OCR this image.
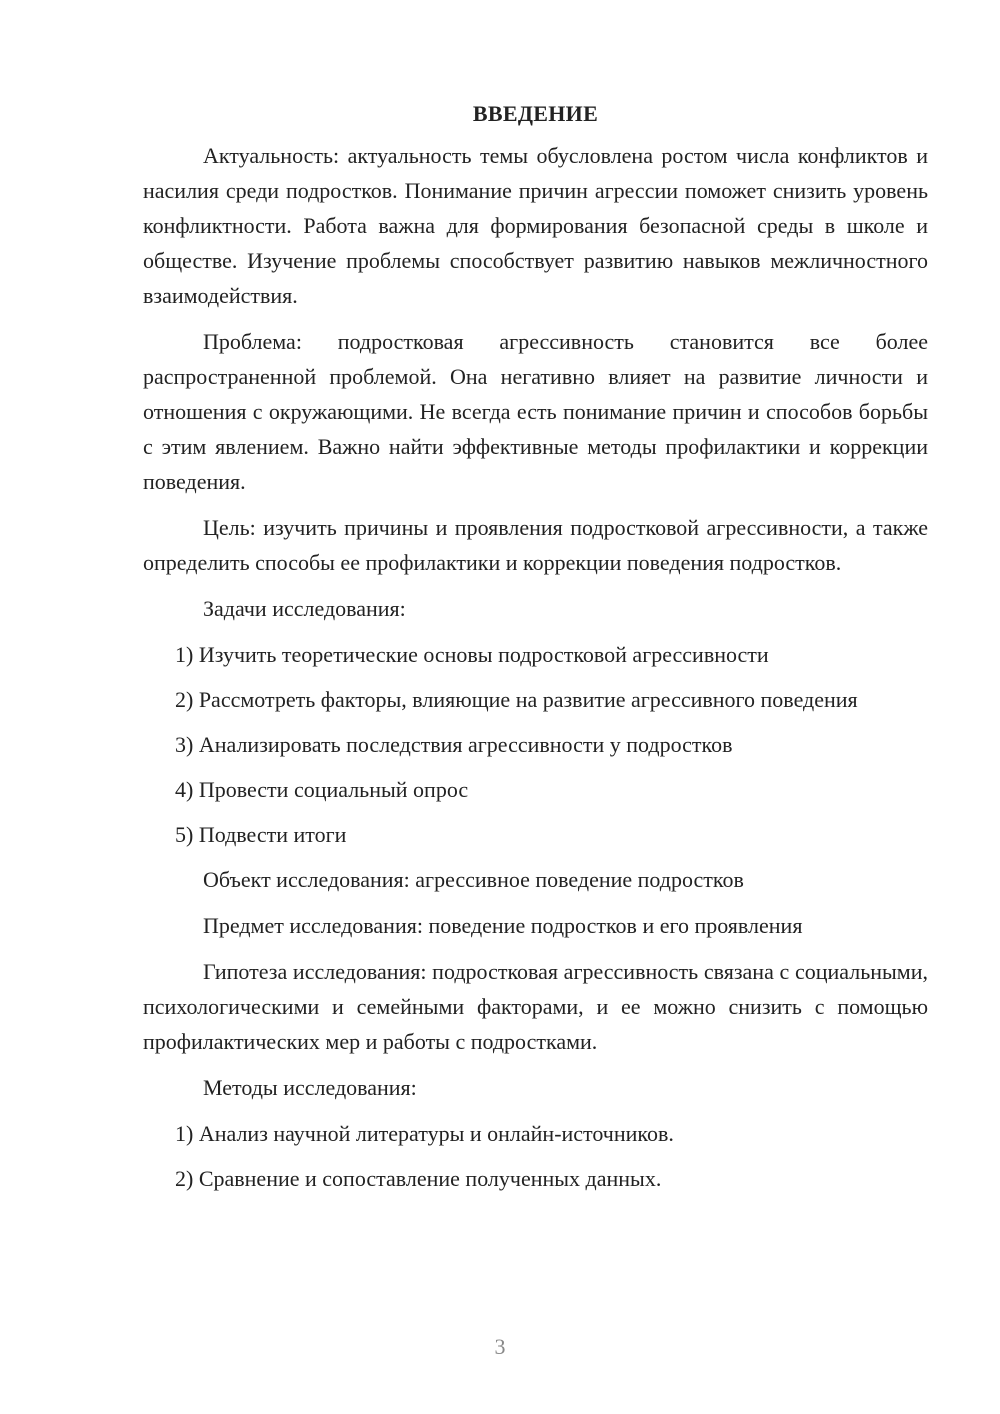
ВВЕДЕНИЕ

Актуальность: актуальность темы обусловлена ростом числа конфликтов и насилия среди подростков. Понимание причин агрессии поможет снизить уровень конфликтности. Работа важна для формирования безопасной среды в школе и обществе. Изучение проблемы способствует развитию навыков межличностного взаимодействия.

Проблема: подростковая агрессивность становится все более распространенной проблемой. Она негативно влияет на развитие личности и отношения с окружающими. Не всегда есть понимание причин и способов борьбы с этим явлением. Важно найти эффективные методы профилактики и коррекции поведения.

Цель: изучить причины и проявления подростковой агрессивности, а также определить способы ее профилактики и коррекции поведения подростков.

Задачи исследования:

1) Изучить теоретические основы подростковой агрессивности

2) Рассмотреть факторы, влияющие на развитие агрессивного поведения

3) Анализировать последствия агрессивности у подростков

4) Провести социальный опрос

5) Подвести итоги

Объект исследования: агрессивное поведение подростков

Предмет исследования: поведение подростков и его проявления

Гипотеза исследования: подростковая агрессивность связана с социальными, психологическими и семейными факторами, и ее можно снизить с помощью профилактических мер и работы с подростками.

Методы исследования:

1) Анализ научной литературы и онлайн-источников.

2) Сравнение и сопоставление полученных данных.

3
